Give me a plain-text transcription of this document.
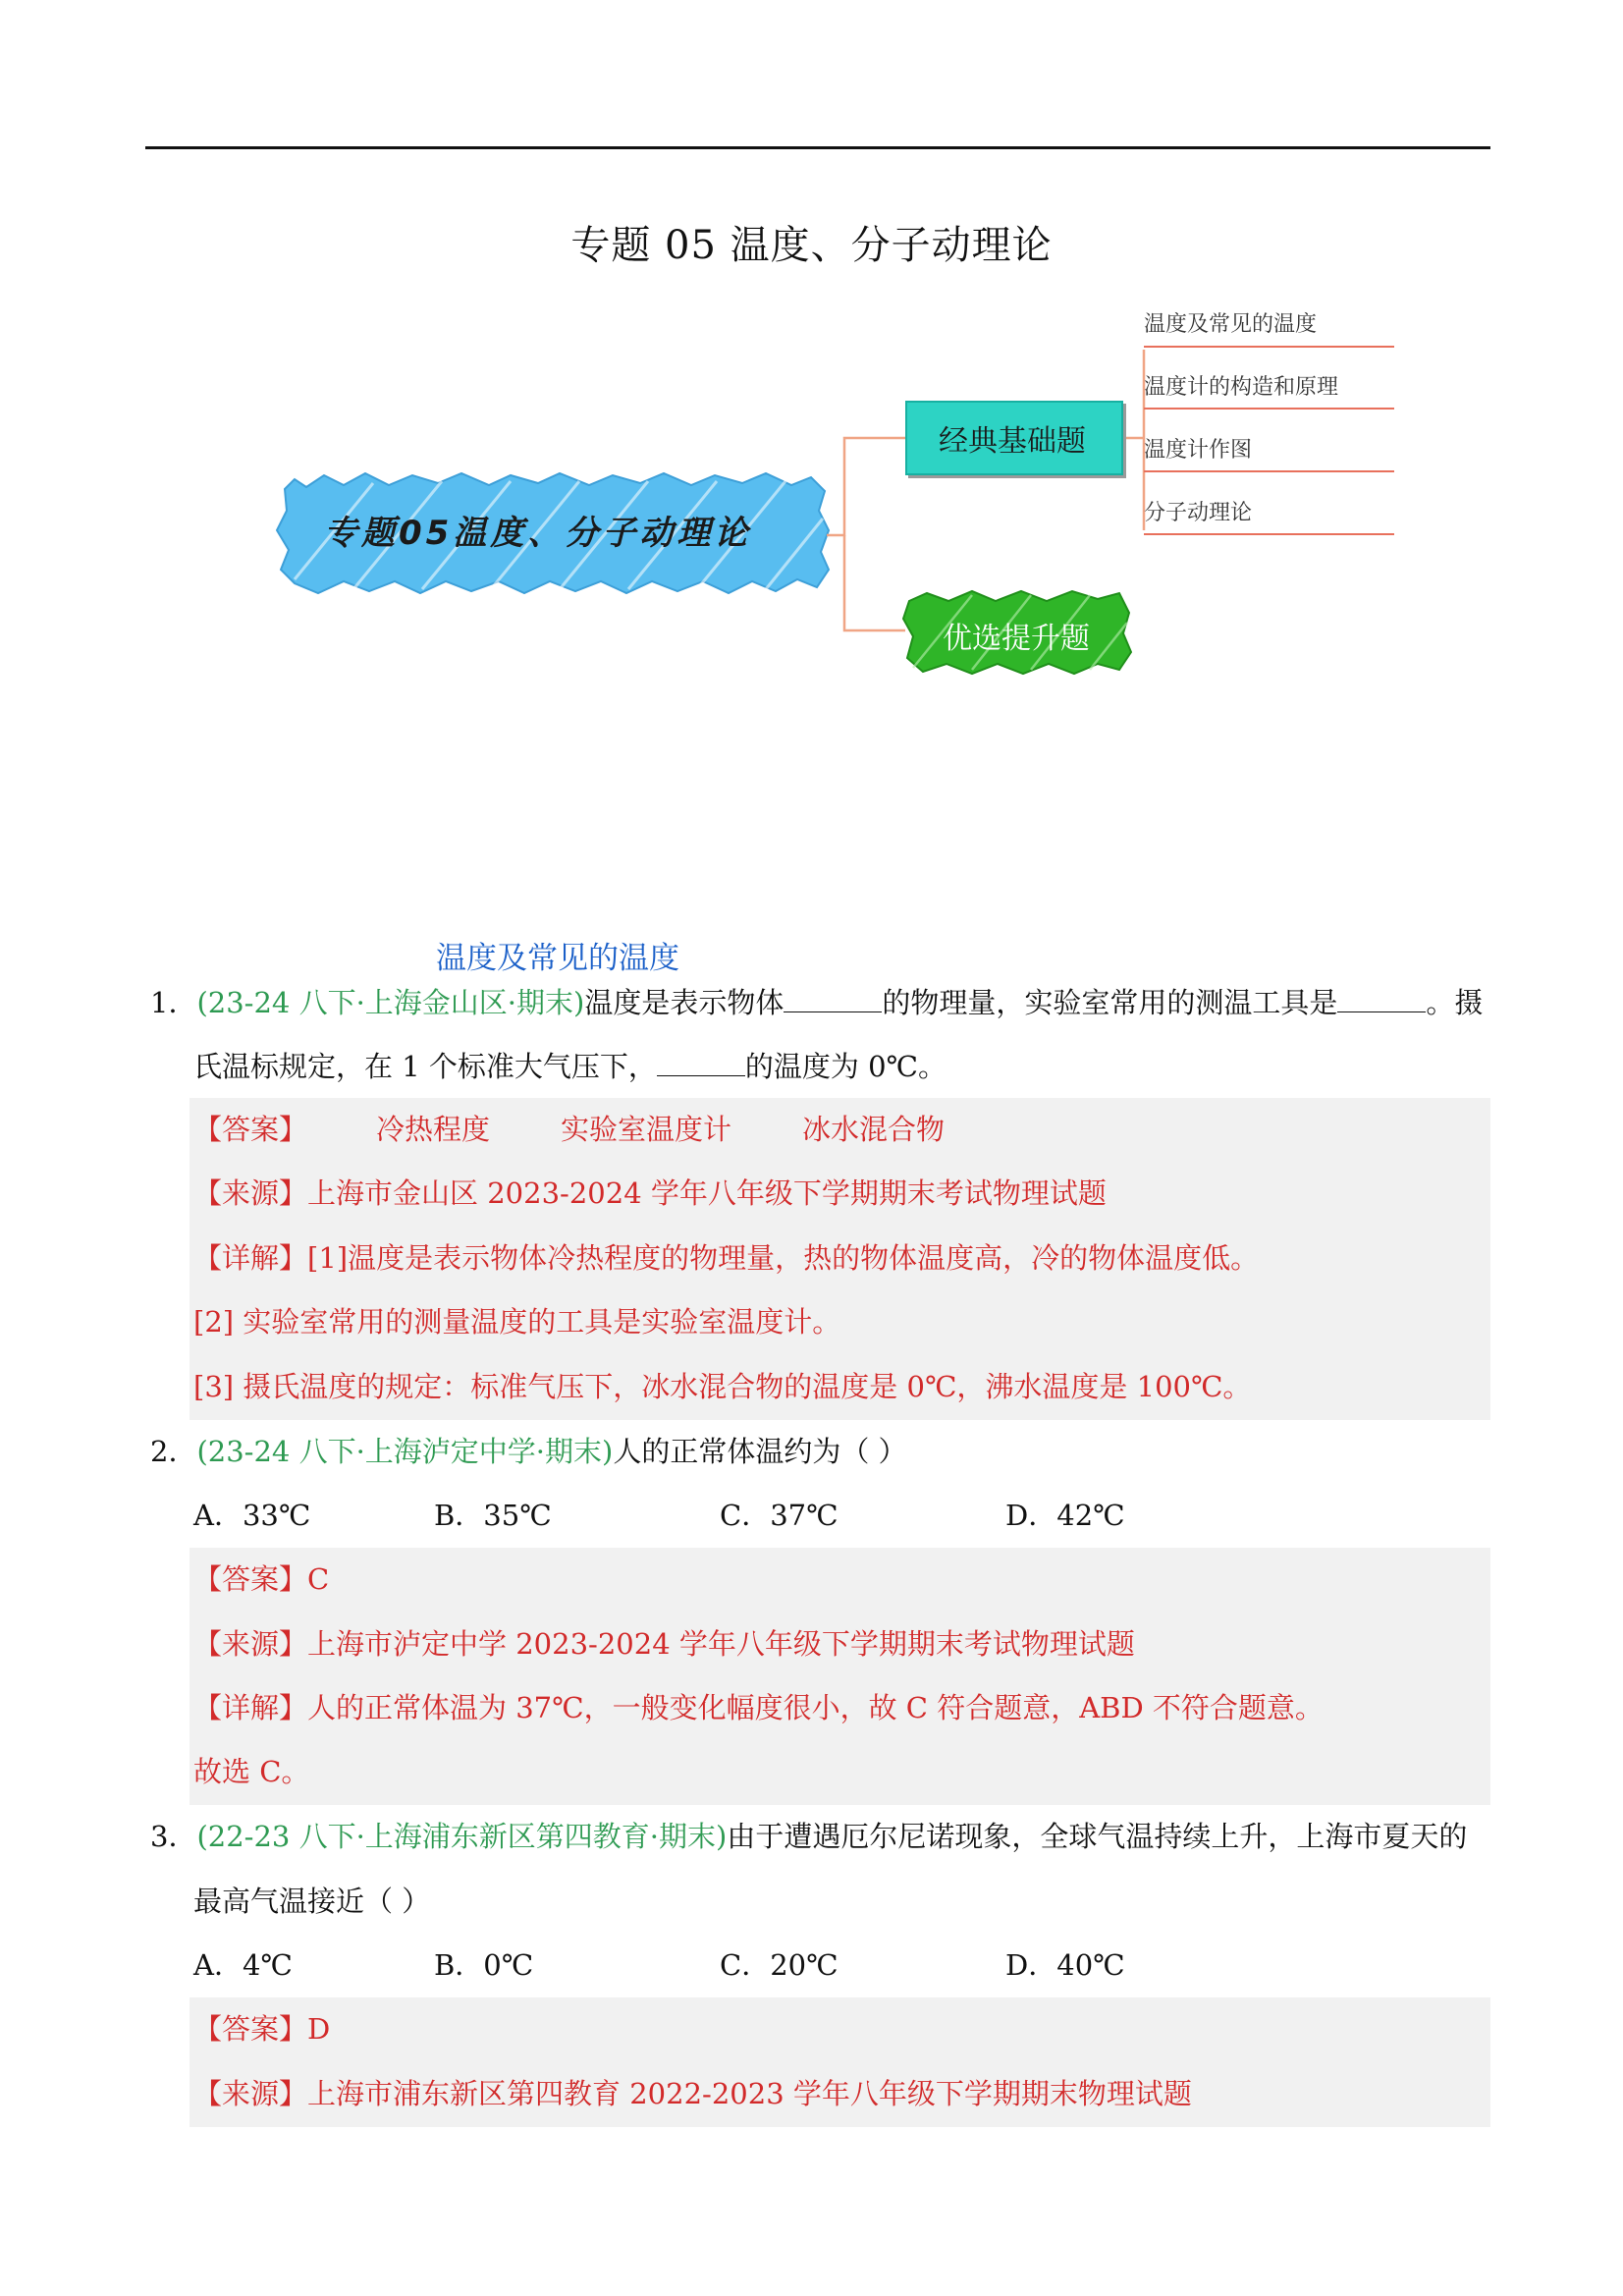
专题 05 温度、分子动理论
专题05温度、分子动理论
经典基础题
优选提升题
温度及常见的温度
温度计的构造和原理
温度计作图
分子动理论
经典基础题
考点01
温度及常见的温度
1．(23-24 八下·上海金山区·期末)温度是表示物体	的物理量，实验室常用的测温工具是	。摄
氏温标规定，在 1 个标准大气压下，	的温度为 0℃。
【答案】 冷热程度 实验室温度计 冰水混合物
【来源】上海市金山区 2023-2024 学年八年级下学期期末考试物理试题
【详解】[1]温度是表示物体冷热程度的物理量，热的物体温度高，冷的物体温度低。
[2] 实验室常用的测量温度的工具是实验室温度计。
[3] 摄氏温度的规定：标准气压下，冰水混合物的温度是 0℃，沸水温度是 100℃。
2．(23-24 八下·上海泸定中学·期末)人的正常体温约为（ ）
A．33℃	B．35℃	C．37℃	D．42℃
【答案】C
【来源】上海市泸定中学 2023-2024 学年八年级下学期期末考试物理试题
【详解】人的正常体温为 37℃，一般变化幅度很小，故 C 符合题意，ABD 不符合题意。
故选 C。
3．(22-23 八下·上海浦东新区第四教育·期末)由于遭遇厄尔尼诺现象，全球气温持续上升，上海市夏天的
最高气温接近（ ）
A．4℃	B．0℃	C．20℃	D．40℃
【答案】D
【来源】上海市浦东新区第四教育 2022-2023 学年八年级下学期期末物理试题
